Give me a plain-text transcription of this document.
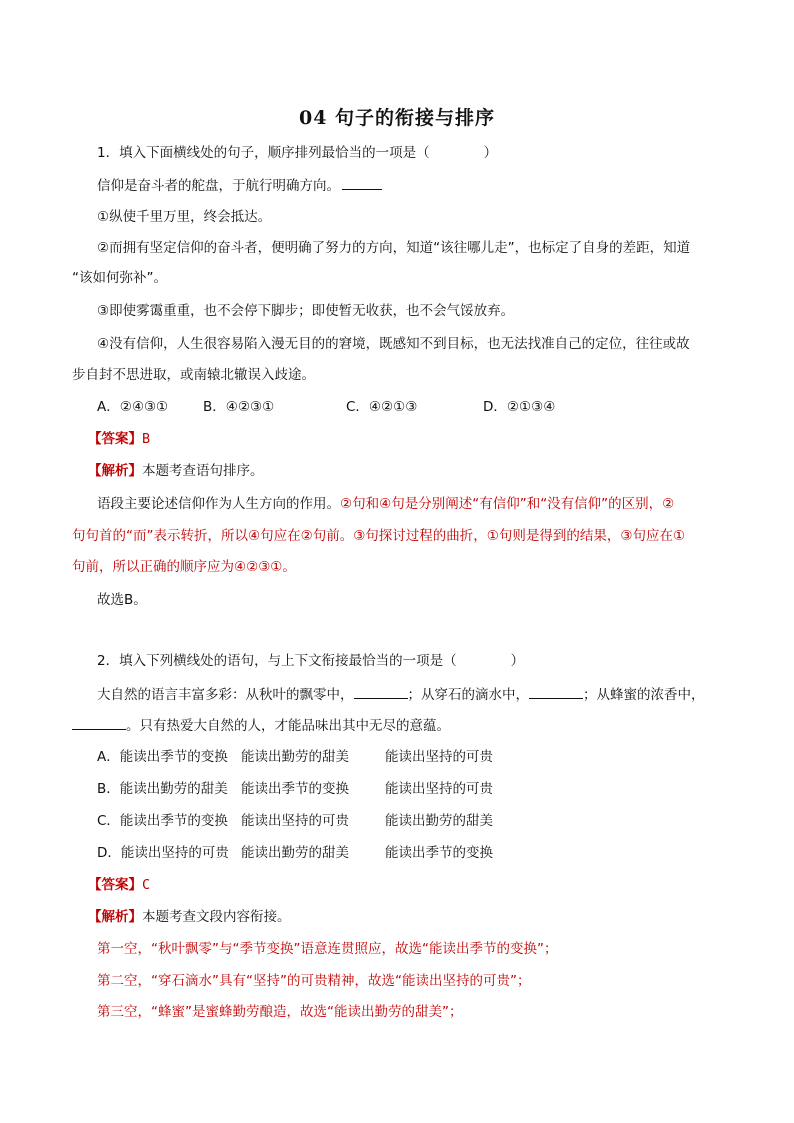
04 句子的衔接与排序
1．填入下面横线处的句子，顺序排列最恰当的一项是（　　　　）
信仰是奋斗者的舵盘，于航行明确方向。
①纵使千里万里，终会抵达。
②而拥有坚定信仰的奋斗者，便明确了努力的方向，知道“该往哪儿走”，也标定了自身的差距，知道
“该如何弥补”。
③即使雾霭重重，也不会停下脚步；即使暂无收获，也不会气馁放弃。
④没有信仰，人生很容易陷入漫无目的的窘境，既感知不到目标，也无法找准自己的定位，往往或故
步自封不思进取，或南辕北辙误入歧途。
A．②④③①	B．④②③①	C．④②①③	D．②①③④
【答案】B
【解析】本题考查语句排序。
语段主要论述信仰作为人生方向的作用。②句和④句是分别阐述“有信仰”和“没有信仰”的区别，②
句句首的“而”表示转折，所以④句应在②句前。③句探讨过程的曲折，①句则是得到的结果，③句应在①
句前，所以正确的顺序应为④②③①。
故选B。
2．填入下列横线处的语句，与上下文衔接最恰当的一项是（　　　　）
大自然的语言丰富多彩：从秋叶的飘零中，	；从穿石的滴水中，	；从蜂蜜的浓香中，
。只有热爱大自然的人，才能品味出其中无尽的意蕴。
A．能读出季节的变换 能读出勤劳的甜美	能读出坚持的可贵
B．能读出勤劳的甜美 能读出季节的变换	能读出坚持的可贵
C．能读出季节的变换 能读出坚持的可贵	能读出勤劳的甜美
D．能读出坚持的可贵 能读出勤劳的甜美	能读出季节的变换
【答案】C
【解析】本题考查文段内容衔接。
第一空，“秋叶飘零”与“季节变换”语意连贯照应，故选“能读出季节的变换”；
第二空，“穿石滴水”具有“坚持”的可贵精神，故选“能读出坚持的可贵”；
第三空，“蜂蜜”是蜜蜂勤劳酿造，故选“能读出勤劳的甜美”；
